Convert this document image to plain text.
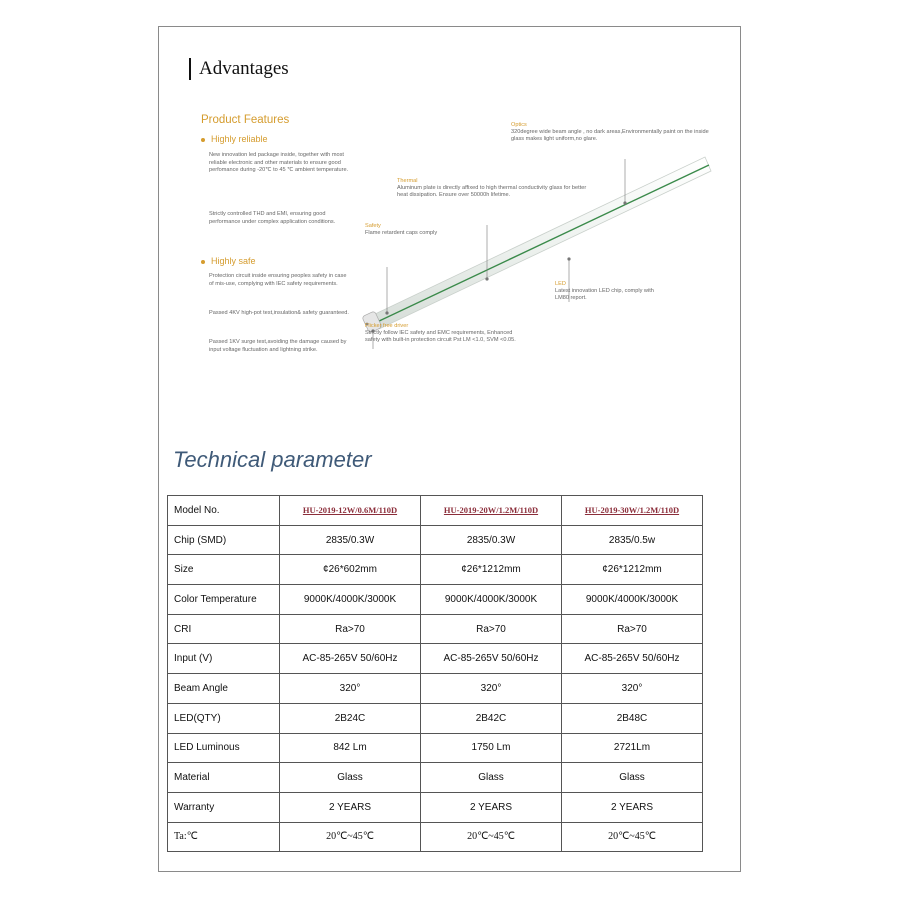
Advantages
Product Features
Highly reliable
New innovation led package inside, together with most reliable electronic and other materials to ensure good perfomance during -20℃ to 45 ℃ ambient temperature.
Strictly controlled THD and EMI, ensuring good performance under complex application conditions.
Highly safe
Protection circuit inside ensuring peoples safety in case of mis-use, complying with IEC safety requirements.
Passed 4KV high-pot test,insulation& safety guaranteed.
Passed 1KV surge test,avoiding the damage caused by input voltage fluctuation and lightning strike.
Optics
320degree wide beam angle , no dark areas,Environmentally paint on the inside glass makes light uniform,no glare.
Thermal
Aluminum plate is directly affixed to high thermal conductivity glass for better heat dissipation. Ensure over 50000h lifetime.
Safety
Flame retardent caps comply
LED
Latest innovation LED chip, comply with LM80 report.
Flicker free driver
Strictly follow IEC safety and EMC requirements, Enhanced safety with built-in protection circuit Pst LM <1.0, SVM <0.05.
Technical parameter
Model No.	HU-2019-12W/0.6M/110D	HU-2019-20W/1.2M/110D	HU-2019-30W/1.2M/110D
Chip (SMD)	2835/0.3W	2835/0.3W	2835/0.5w
Size	¢26*602mm	¢26*1212mm	¢26*1212mm
Color Temperature	9000K/4000K/3000K	9000K/4000K/3000K	9000K/4000K/3000K
CRI	Ra>70	Ra>70	Ra>70
Input (V)	AC-85-265V 50/60Hz	AC-85-265V 50/60Hz	AC-85-265V 50/60Hz
Beam Angle	320°	320°	320°
LED(QTY)	2B24C	2B42C	2B48C
LED Luminous	842 Lm	1750 Lm	2721Lm
Material	Glass	Glass	Glass
Warranty	2 YEARS	2 YEARS	2 YEARS
Ta:℃	20℃~45℃	20℃~45℃	20℃~45℃
